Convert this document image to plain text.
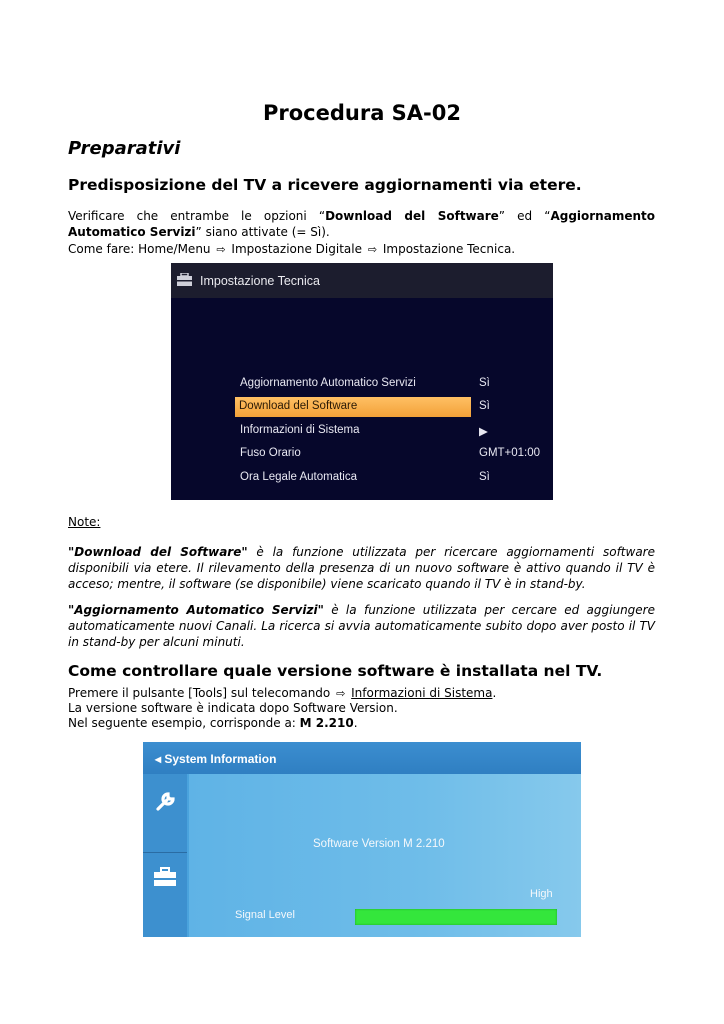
Procedura SA-02
Preparativi
Predisposizione del TV a ricevere aggiornamenti via etere.
Verificare che entrambe le opzioni “Download del Software” ed “Aggiornamento Automatico Servizi” siano attivate (= Sì).
Come fare: Home/Menu ⇨ Impostazione Digitale ⇨ Impostazione Tecnica.
Impostazione Tecnica
Aggiornamento Automatico Servizi	Sì
Download del Software	Sì
Informazioni di Sistema	▶
Fuso Orario	GMT+01:00
Ora Legale Automatica	Sì
Note:
"Download del Software" è la funzione utilizzata per ricercare aggiornamenti software disponibili via etere. Il rilevamento della presenza di un nuovo software è attivo quando il TV è acceso; mentre, il software (se disponibile) viene scaricato quando il TV è in stand-by.
"Aggiornamento Automatico Servizi" è la funzione utilizzata per cercare ed aggiungere automaticamente nuovi Canali. La ricerca si avvia automaticamente subito dopo aver posto il TV in stand-by per alcuni minuti.
Come controllare quale versione software è installata nel TV.
Premere il pulsante [Tools] sul telecomando ⇨ Informazioni di Sistema.
La versione software è indicata dopo Software Version.
Nel seguente esempio, corrisponde a: M 2.210.
◂ System Information
Software Version M 2.210
High
Signal Level
